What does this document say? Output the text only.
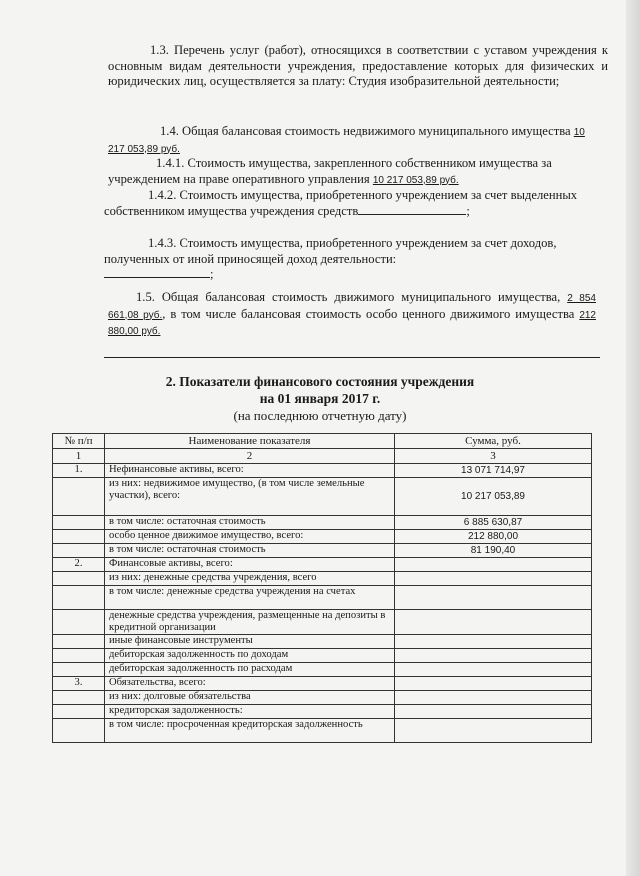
1.3. Перечень услуг (работ), относящихся в соответствии с уставом учреждения к основным видам деятельности учреждения, предоставление которых для физических и юридических лиц, осуществляется за плату: Студия изобразительной деятельности;
1.4. Общая балансовая стоимость недвижимого муниципального имущества 10 217 053,89 руб.
1.4.1. Стоимость имущества, закрепленного собственником имущества за учреждением на праве оперативного управления 10 217 053,89 руб.
1.4.2. Стоимость имущества, приобретенного учреждением за счет выделенных собственником имущества учреждения средств	;
1.4.3. Стоимость имущества, приобретенного учреждением за счет доходов, полученных от иной приносящей доход деятельности:
;
1.5. Общая балансовая стоимость движимого муниципального имущества, 2 854 661,08 руб., в том числе балансовая стоимость особо ценного движимого имущества 212 880,00 руб.
2. Показатели финансового состояния учреждения
на 01 января 2017 г.
(на последнюю отчетную дату)
№ п/п	Наименование показателя	Сумма, руб.
1	2	3
1.	Нефинансовые активы, всего:	13 071 714,97
	из них: недвижимое имущество, (в том числе земельные участки), всего:	10 217 053,89
	в том числе: остаточная стоимость	6 885 630,87
	особо ценное движимое имущество, всего:	212 880,00
	в том числе: остаточная стоимость	81 190,40
2.	Финансовые активы, всего:	
	из них: денежные средства учреждения, всего	
	в том числе: денежные средства учреждения на счетах	
	денежные средства учреждения, размещенные на депозиты в кредитной организации	
	иные финансовые инструменты	
	дебиторская задолженность по доходам	
	дебиторская задолженность по расходам	
3.	Обязательства, всего:	
	из них: долговые обязательства	
	кредиторская задолженность:	
	в том числе: просроченная кредиторская задолженность	
